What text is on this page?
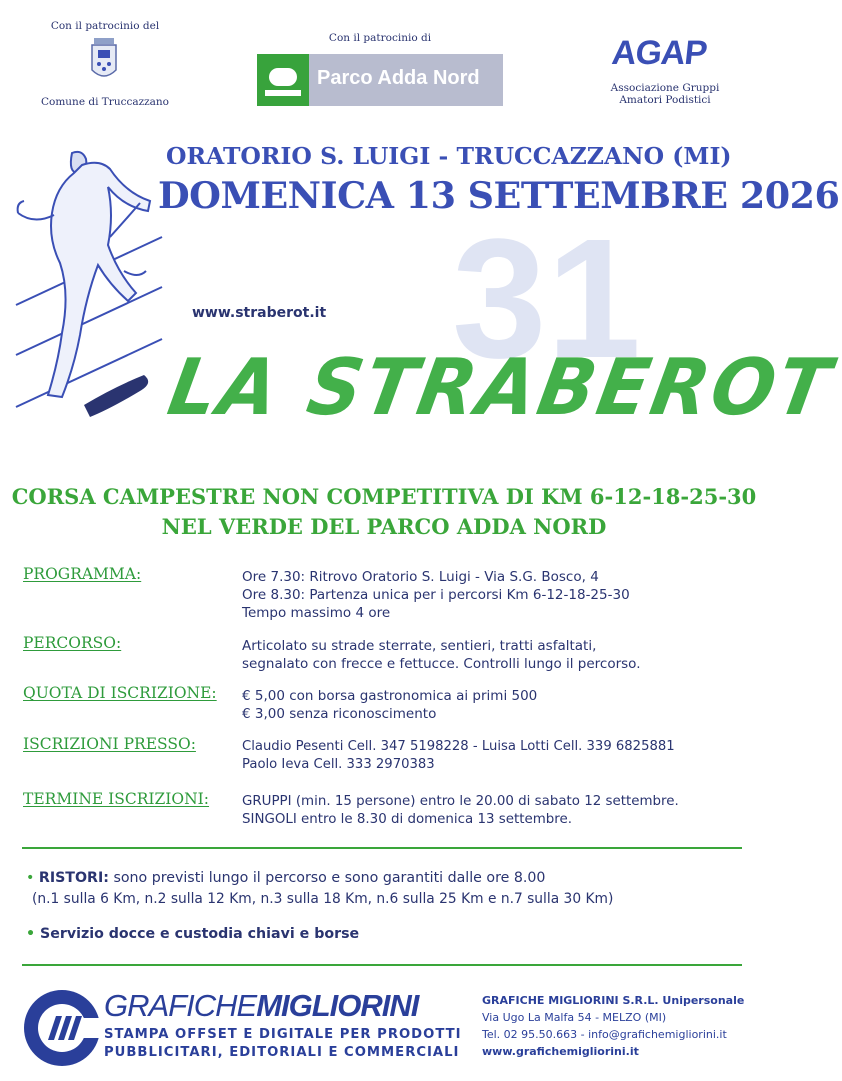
Con il patrocinio del
Comune di Truccazzano
Con il patrocinio di
Parco Adda Nord
AGAP
Associazione Gruppi
Amatori Podistici
ORATORIO S. LUIGI - TRUCCAZZANO (MI)
DOMENICA 13 SETTEMBRE 2026
31
www.straberot.it
LA STRABEROT
CORSA CAMPESTRE NON COMPETITIVA DI KM 6-12-18-25-30
NEL VERDE DEL PARCO ADDA NORD
PROGRAMMA:	Ore 7.30: Ritrovo Oratorio S. Luigi - Via S.G. Bosco, 4
Ore 8.30: Partenza unica per i percorsi Km 6-12-18-25-30
Tempo massimo 4 ore
PERCORSO:	Articolato su strade sterrate, sentieri, tratti asfaltati,
segnalato con frecce e fettucce. Controlli lungo il percorso.
QUOTA DI ISCRIZIONE: € 5,00 con borsa gastronomica ai primi 500
€ 3,00 senza riconoscimento
ISCRIZIONI PRESSO:	Claudio Pesenti Cell. 347 5198228 - Luisa Lotti Cell. 339 6825881
Paolo Ieva Cell. 333 2970383
TERMINE ISCRIZIONI: GRUPPI (min. 15 persone) entro le 20.00 di sabato 12 settembre.
SINGOLI entro le 8.30 di domenica 13 settembre.
• RISTORI: sono previsti lungo il percorso e sono garantiti dalle ore 8.00
(n.1 sulla 6 Km, n.2 sulla 12 Km, n.3 sulla 18 Km, n.6 sulla 25 Km e n.7 sulla 30 Km)
• Servizio docce e custodia chiavi e borse
GRAFICHEMIGLIORINI
STAMPA OFFSET E DIGITALE PER PRODOTTI
PUBBLICITARI, EDITORIALI E COMMERCIALI
GRAFICHE MIGLIORINI S.R.L. Unipersonale
Via Ugo La Malfa 54 - MELZO (MI)
Tel. 02 95.50.663 - info@grafichemigliorini.it
www.grafichemigliorini.it
